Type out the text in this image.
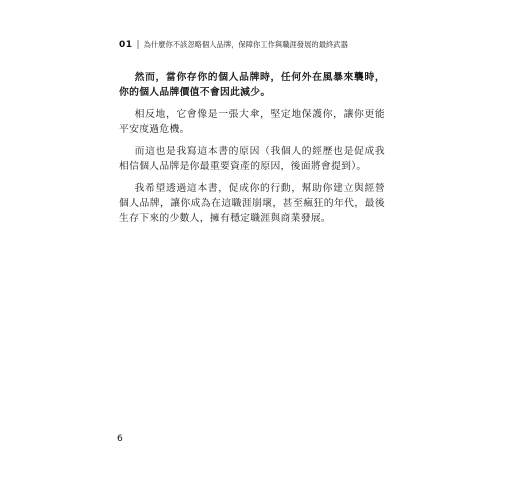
01 | 為什麼你不該忽略個人品牌，保障你工作與職涯發展的最終武器

然而，當你存你的個人品牌時，任何外在風暴來襲時，你的個人品牌價值不會因此減少。

相反地，它會像是一張大傘，堅定地保護你，讓你更能平安度過危機。

而這也是我寫這本書的原因（我個人的經歷也是促成我相信個人品牌是你最重要資產的原因，後面將會提到）。

我希望透過這本書，促成你的行動，幫助你建立與經營個人品牌，讓你成為在這職涯崩壞，甚至瘋狂的年代，最後生存下來的少數人，擁有穩定職涯與商業發展。

6
